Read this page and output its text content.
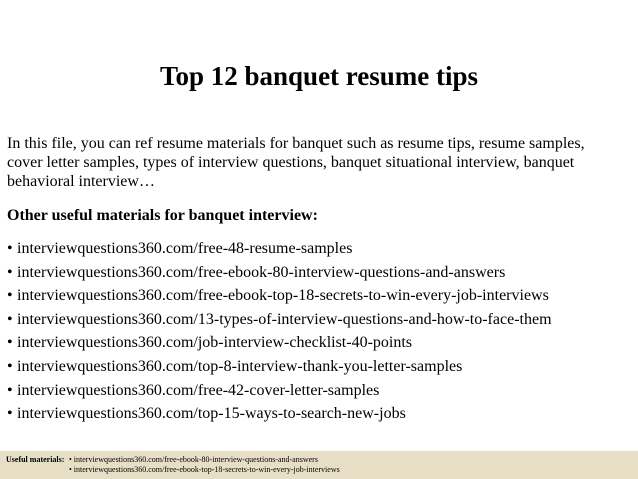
Top 12 banquet resume tips

In this file, you can ref resume materials for banquet such as resume tips, resume samples, cover letter samples, types of interview questions, banquet situational interview, banquet behavioral interview…

Other useful materials for banquet interview:

• interviewquestions360.com/free-48-resume-samples
• interviewquestions360.com/free-ebook-80-interview-questions-and-answers
• interviewquestions360.com/free-ebook-top-18-secrets-to-win-every-job-interviews
• interviewquestions360.com/13-types-of-interview-questions-and-how-to-face-them
• interviewquestions360.com/job-interview-checklist-40-points
• interviewquestions360.com/top-8-interview-thank-you-letter-samples
• interviewquestions360.com/free-42-cover-letter-samples
• interviewquestions360.com/top-15-ways-to-search-new-jobs
Useful materials: • interviewquestions360.com/free-ebook-80-interview-questions-and-answers
• interviewquestions360.com/free-ebook-top-18-secrets-to-win-every-job-interviews
